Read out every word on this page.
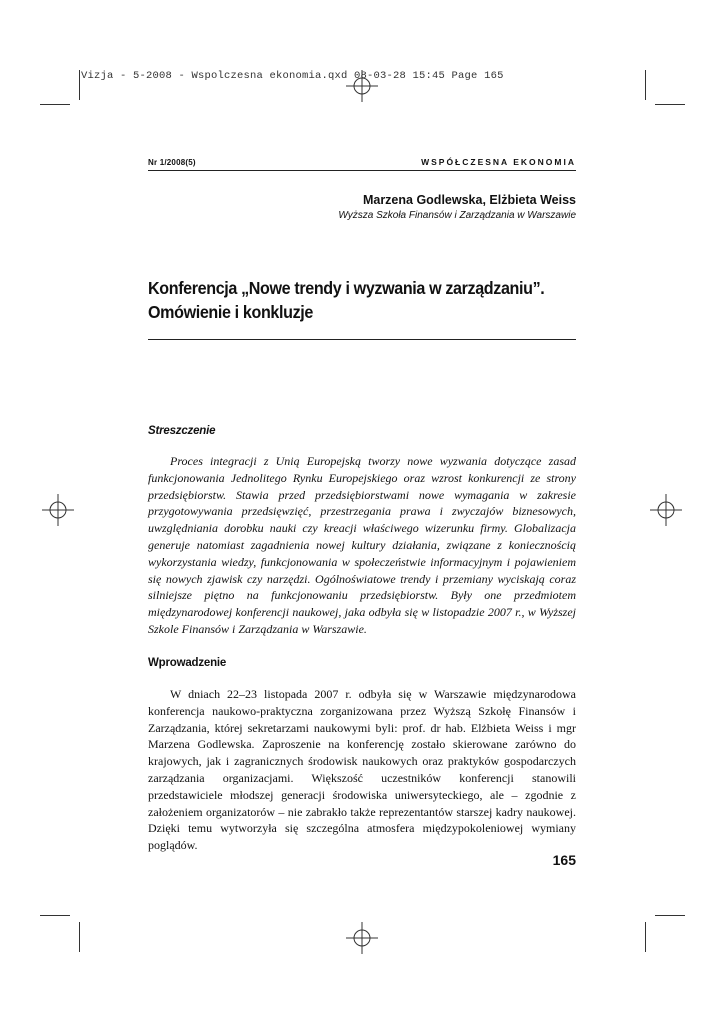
Vizja - 5-2008 - Wspolczesna ekonomia.qxd 08-03-28 15:45 Page 165
Nr 1/2008(5)	WSPÓŁCZESNA EKONOMIA
Marzena Godlewska, Elżbieta Weiss
Wyższa Szkoła Finansów i Zarządzania w Warszawie
Konferencja „Nowe trendy i wyzwania w zarządzaniu”.
Omówienie i konkluzje
Streszczenie
Proces integracji z Unią Europejską tworzy nowe wyzwania dotyczące zasad funkcjonowania Jednolitego Rynku Europejskiego oraz wzrost konkurencji ze strony przedsiębiorstw. Stawia przed przedsiębiorstwami nowe wymagania w zakresie przygotowywania przedsięwzięć, przestrzegania prawa i zwyczajów biznesowych, uwzględniania dorobku nauki czy kreacji właściwego wizerunku firmy. Globalizacja generuje natomiast zagadnienia nowej kultury działania, związane z koniecznością wykorzystania wiedzy, funkcjonowania w społeczeństwie informacyjnym i pojawieniem się nowych zjawisk czy narzędzi. Ogólnoświatowe trendy i przemiany wyciskają coraz silniejsze piętno na funkcjonowaniu przedsiębiorstw. Były one przedmiotem międzynarodowej konferencji naukowej, jaka odbyła się w listopadzie 2007 r., w Wyższej Szkole Finansów i Zarządzania w Warszawie.
Wprowadzenie
W dniach 22–23 listopada 2007 r. odbyła się w Warszawie międzynarodowa konferencja naukowo-praktyczna zorganizowana przez Wyższą Szkołę Finansów i Zarządzania, której sekretarzami naukowymi byli: prof. dr hab. Elżbieta Weiss i mgr Marzena Godlewska. Zaproszenie na konferencję zostało skierowane zarówno do krajowych, jak i zagranicznych środowisk naukowych oraz praktyków gospodarczych zarządzania organizacjami. Większość uczestników konferencji stanowili przedstawiciele młodszej generacji środowiska uniwersyteckiego, ale – zgodnie z założeniem organizatorów – nie zabrakło także reprezentantów starszej kadry naukowej. Dzięki temu wytworzyła się szczególna atmosfera międzypokoleniowej wymiany poglądów.
165
